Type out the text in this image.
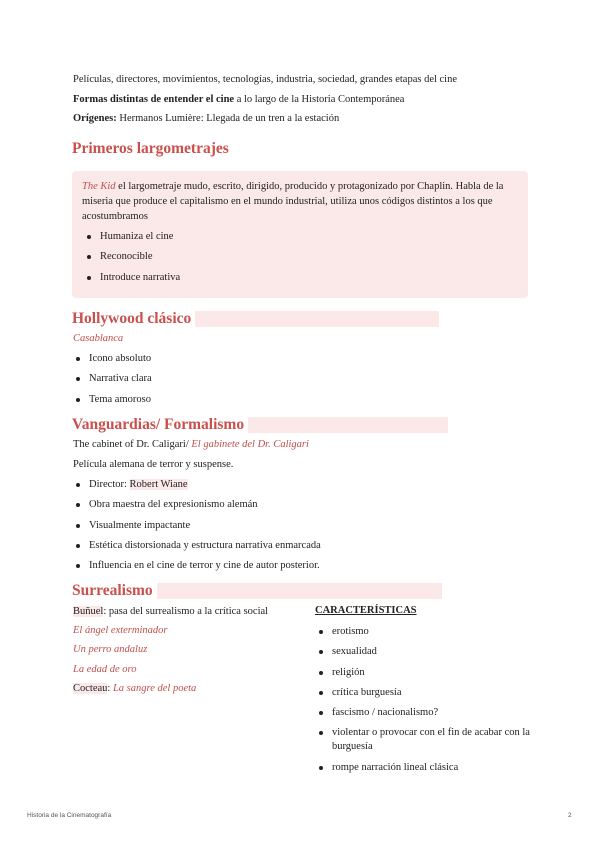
Películas, directores, movimientos, tecnologías, industria, sociedad, grandes etapas del cine
Formas distintas de entender el cine a lo largo de la Historia Contemporánea
Orígenes: Hermanos Lumière: Llegada de un tren a la estación
Primeros largometrajes

The Kid el largometraje mudo, escrito, dirigido, producido y protagonizado por Chaplin. Habla de la miseria que produce el capitalismo en el mundo industrial, utiliza unos códigos distintos a los que acostumbramos

Humaniza el cine
Reconocible
Introduce narrativa
Hollywood clásico
Casablanca
Icono absoluto
Narrativa clara
Tema amoroso
Vanguardias/ Formalismo
The cabinet of Dr. Caligari/ El gabinete del Dr. Caligari
Película alemana de terror y suspense.
Director: Robert Wiane
Obra maestra del expresionismo alemán
Visualmente impactante
Estética distorsionada y estructura narrativa enmarcada
Influencia en el cine de terror y cine de autor posterior.
Surrealismo
Buñuel: pasa del surrealismo a la crítica social
El ángel exterminador
Un perro andaluz
La edad de oro
Cocteau: La sangre del poeta
CARACTERÍSTICAS
erotismo
sexualidad
religión
crítica burguesía
fascismo / nacionalismo?
violentar o provocar con el fin de acabar con la burguesía
rompe narración lineal clásica
Historia de la Cinematografía	2
